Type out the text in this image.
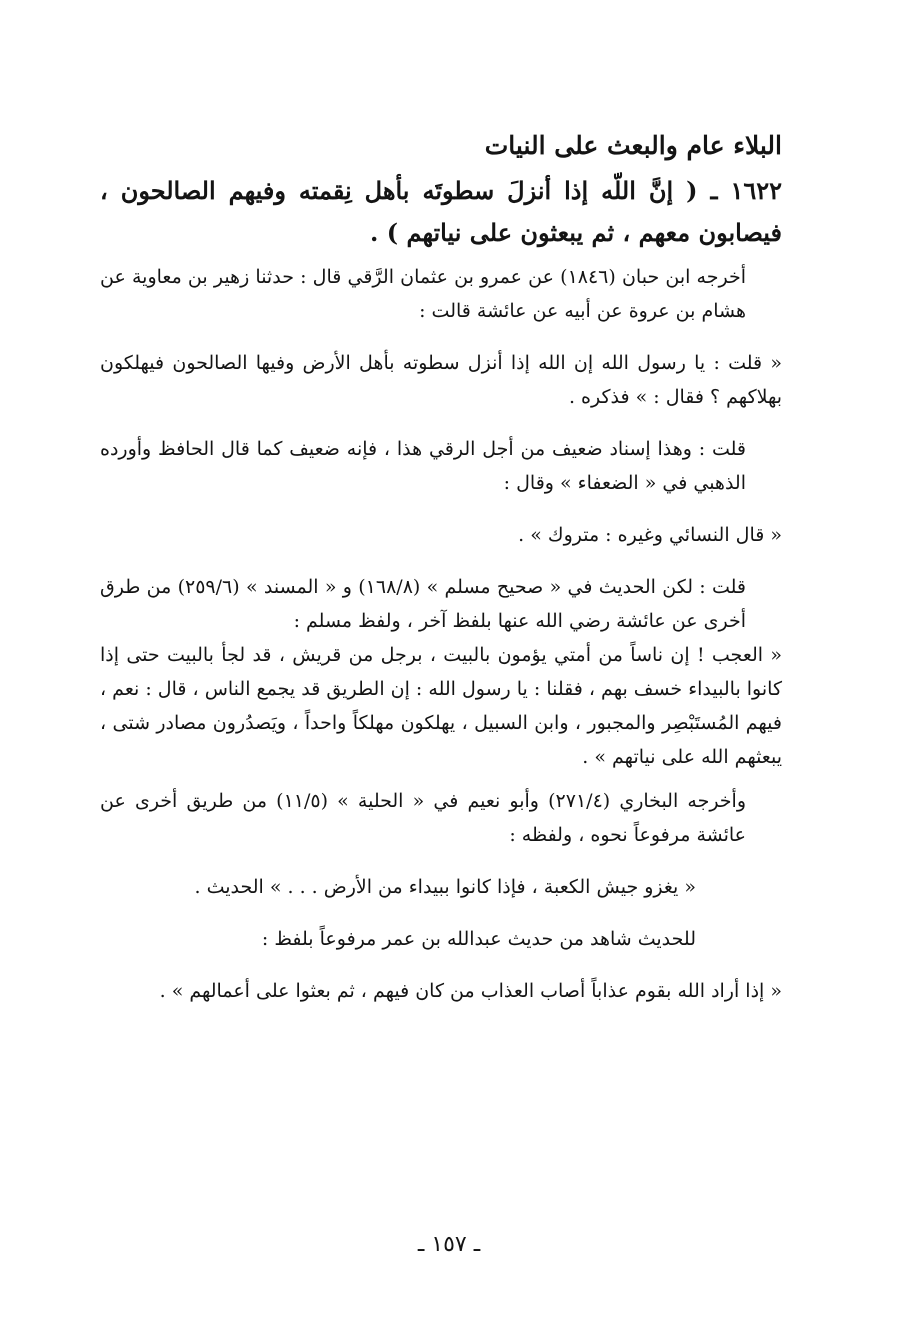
البلاء عام والبعث على النيات
١٦٢٢ ـ ( إنَّ اللّه إذا أنزلَ سطوتَه بأهل نِقمته وفيهم الصالحون ، فيصابون معهم ، ثم يبعثون على نياتهم ) .

أخرجه ابن حبان (١٨٤٦) عن عمرو بن عثمان الرَّقي قال : حدثنا زهير بن معاوية عن هشام بن عروة عن أبيه عن عائشة قالت :

« قلت : يا رسول الله إن الله إذا أنزل سطوته بأهل الأرض وفيها الصالحون فيهلكون بهلاكهم ؟ فقال : » فذكره .

قلت : وهذا إسناد ضعيف من أجل الرقي هذا ، فإنه ضعيف كما قال الحافظ وأورده الذهبي في « الضعفاء » وقال :

« قال النسائي وغيره : متروك » .

قلت : لكن الحديث في « صحيح مسلم » (١٦٨/٨) و « المسند » (٢٥٩/٦) من طرق أخرى عن عائشة رضي الله عنها بلفظ آخر ، ولفظ مسلم :

« العجب ! إن ناساً من أمتي يؤمون بالبيت ، برجل من قريش ، قد لجأ بالبيت حتى إذا كانوا بالبيداء خسف بهم ، فقلنا : يا رسول الله : إن الطريق قد يجمع الناس ، قال : نعم ، فيهم المُستَبْصِر والمجبور ، وابن السبيل ، يهلكون مهلكاً واحداً ، ويَصدُرون مصادر شتى ، يبعثهم الله على نياتهم » .

وأخرجه البخاري (٢٧١/٤) وأبو نعيم في « الحلية » (١١/٥) من طريق أخرى عن عائشة مرفوعاً نحوه ، ولفظه :

« يغزو جيش الكعبة ، فإذا كانوا ببيداء من الأرض . . . » الحديث .

للحديث شاهد من حديث عبدالله بن عمر مرفوعاً بلفظ :

« إذا أراد الله بقوم عذاباً أصاب العذاب من كان فيهم ، ثم بعثوا على أعمالهم » .

ـ ١٥٧ ـ
